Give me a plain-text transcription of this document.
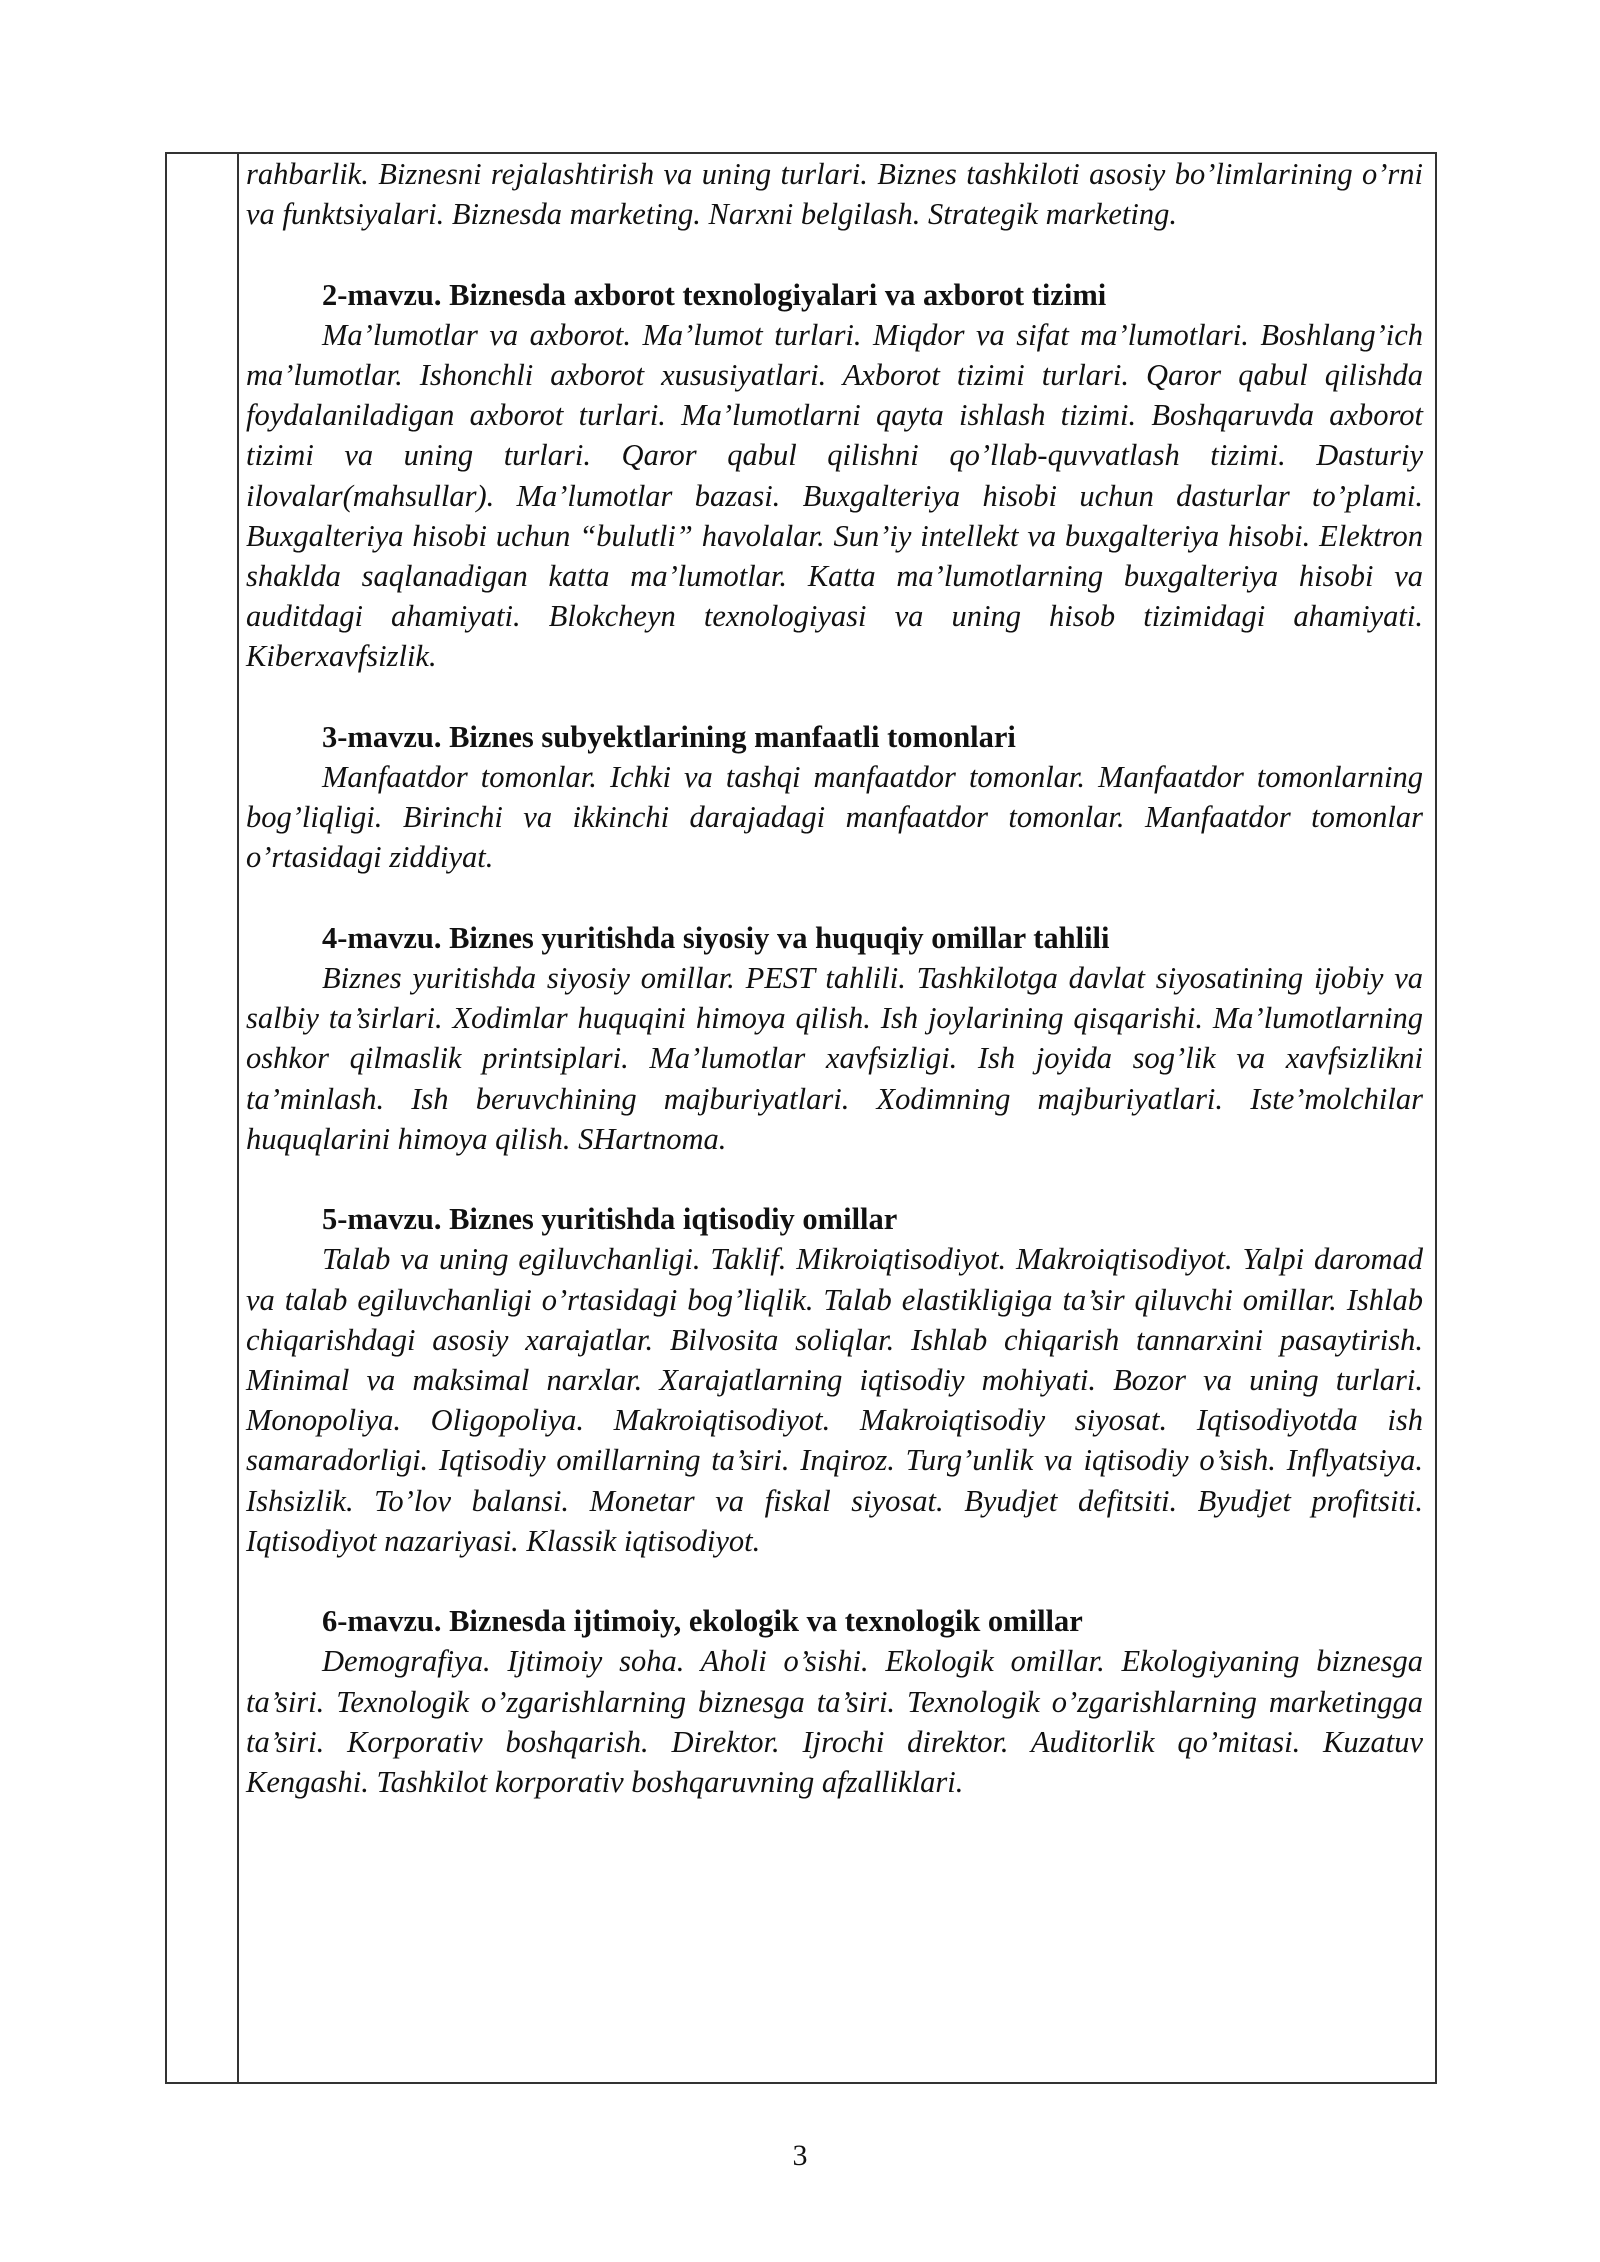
rahbarlik. Biznesni rejalashtirish va uning turlari. Biznes tashkiloti asosiy bo’limlarining o’rni va funktsiyalari. Biznesda marketing. Narxni belgilash. Strategik marketing.

2-mavzu. Biznesda axborot texnologiyalari va axborot tizimi

Ma’lumotlar va axborot. Ma’lumot turlari. Miqdor va sifat ma’lumotlari. Boshlang’ich ma’lumotlar. Ishonchli axborot xususiyatlari. Axborot tizimi turlari. Qaror qabul qilishda foydalaniladigan axborot turlari. Ma’lumotlarni qayta ishlash tizimi. Boshqaruvda axborot tizimi va uning turlari. Qaror qabul qilishni qo’llab-quvvatlash tizimi. Dasturiy ilovalar(mahsullar). Ma’lumotlar bazasi. Buxgalteriya hisobi uchun dasturlar to’plami. Buxgalteriya hisobi uchun “bulutli” havolalar. Sun’iy intellekt va buxgalteriya hisobi. Elektron shaklda saqlanadigan katta ma’lumotlar. Katta ma’lumotlarning buxgalteriya hisobi va auditdagi ahamiyati. Blokcheyn texnologiyasi va uning hisob tizimidagi ahamiyati. Kiberxavfsizlik.

3-mavzu. Biznes subyektlarining manfaatli tomonlari

Manfaatdor tomonlar. Ichki va tashqi manfaatdor tomonlar. Manfaatdor tomonlarning bog’liqligi. Birinchi va ikkinchi darajadagi manfaatdor tomonlar. Manfaatdor tomonlar o’rtasidagi ziddiyat.

4-mavzu. Biznes yuritishda siyosiy va huquqiy omillar tahlili

Biznes yuritishda siyosiy omillar. PEST tahlili. Tashkilotga davlat siyosatining ijobiy va salbiy ta’sirlari. Xodimlar huquqini himoya qilish. Ish joylarining qisqarishi. Ma’lumotlarning oshkor qilmaslik printsiplari. Ma’lumotlar xavfsizligi. Ish joyida sog’lik va xavfsizlikni ta’minlash. Ish beruvchining majburiyatlari. Xodimning majburiyatlari. Iste’molchilar huquqlarini himoya qilish. SHartnoma.

5-mavzu. Biznes yuritishda iqtisodiy omillar

Talab va uning egiluvchanligi. Taklif. Mikroiqtisodiyot. Makroiqtisodiyot. Yalpi daromad va talab egiluvchanligi o’rtasidagi bog’liqlik. Talab elastikligiga ta’sir qiluvchi omillar. Ishlab chiqarishdagi asosiy xarajatlar. Bilvosita soliqlar. Ishlab chiqarish tannarxini pasaytirish. Minimal va maksimal narxlar. Xarajatlarning iqtisodiy mohiyati. Bozor va uning turlari. Monopoliya. Oligopoliya. Makroiqtisodiyot. Makroiqtisodiy siyosat. Iqtisodiyotda ish samaradorligi. Iqtisodiy omillarning ta’siri. Inqiroz. Turg’unlik va iqtisodiy o’sish. Inflyatsiya. Ishsizlik. To’lov balansi. Monetar va fiskal siyosat. Byudjet defitsiti. Byudjet profitsiti. Iqtisodiyot nazariyasi. Klassik iqtisodiyot.

6-mavzu. Biznesda ijtimoiy, ekologik va texnologik omillar

Demografiya. Ijtimoiy soha. Aholi o’sishi. Ekologik omillar. Ekologiyaning biznesga ta’siri. Texnologik o’zgarishlarning biznesga ta’siri. Texnologik o’zgarishlarning marketingga ta’siri. Korporativ boshqarish. Direktor. Ijrochi direktor. Auditorlik qo’mitasi. Kuzatuv Kengashi. Tashkilot korporativ boshqaruvning afzalliklari.

3
